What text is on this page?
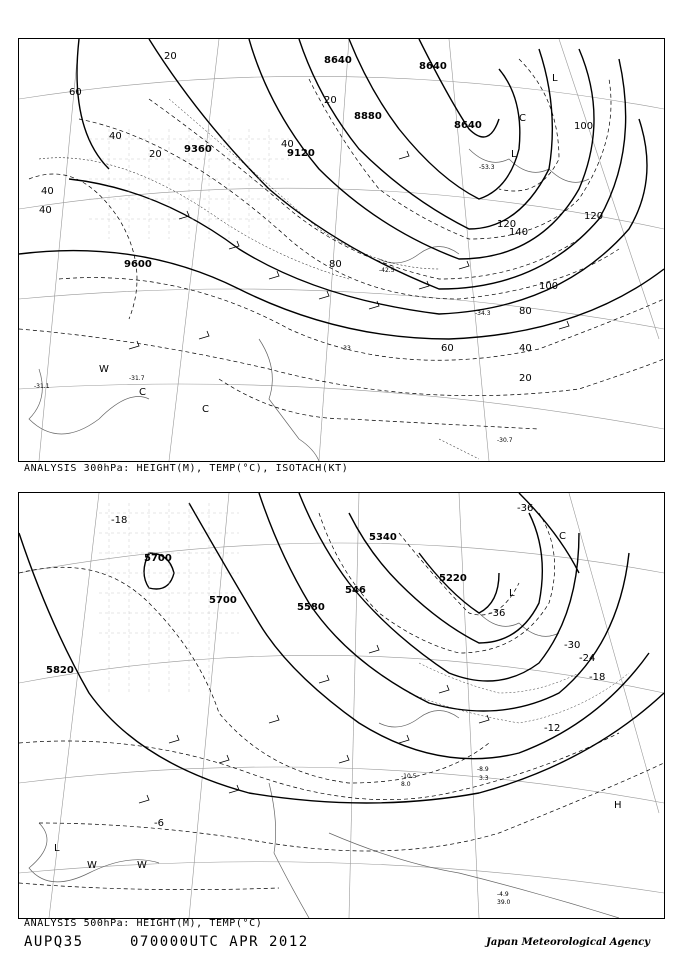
8640
8640
8880
8640
9120
9360
9600
60
20
40
40
120
100
80
60	40
20
20
40
80
40
100
140
120
20
-30.7
-31.1
-31.7
-33
-34.3
-42.5
-53.3
C
C
W
L
C
L
ANALYSIS 300hPa: HEIGHT(M), TEMP(°C), ISOTACH(KT)
5700
5700
5820
5340
5220
5580
546
-18
-36
-36
-30
-24
-18
-12
-6
-4.9
39.0
-8.9
3.3
-10.5
8.0
H
L
L
W	W
C
ANALYSIS 500hPa: HEIGHT(M), TEMP(°C)
AUPQ35	070000UTC APR 2012	Japan Meteorological Agency
